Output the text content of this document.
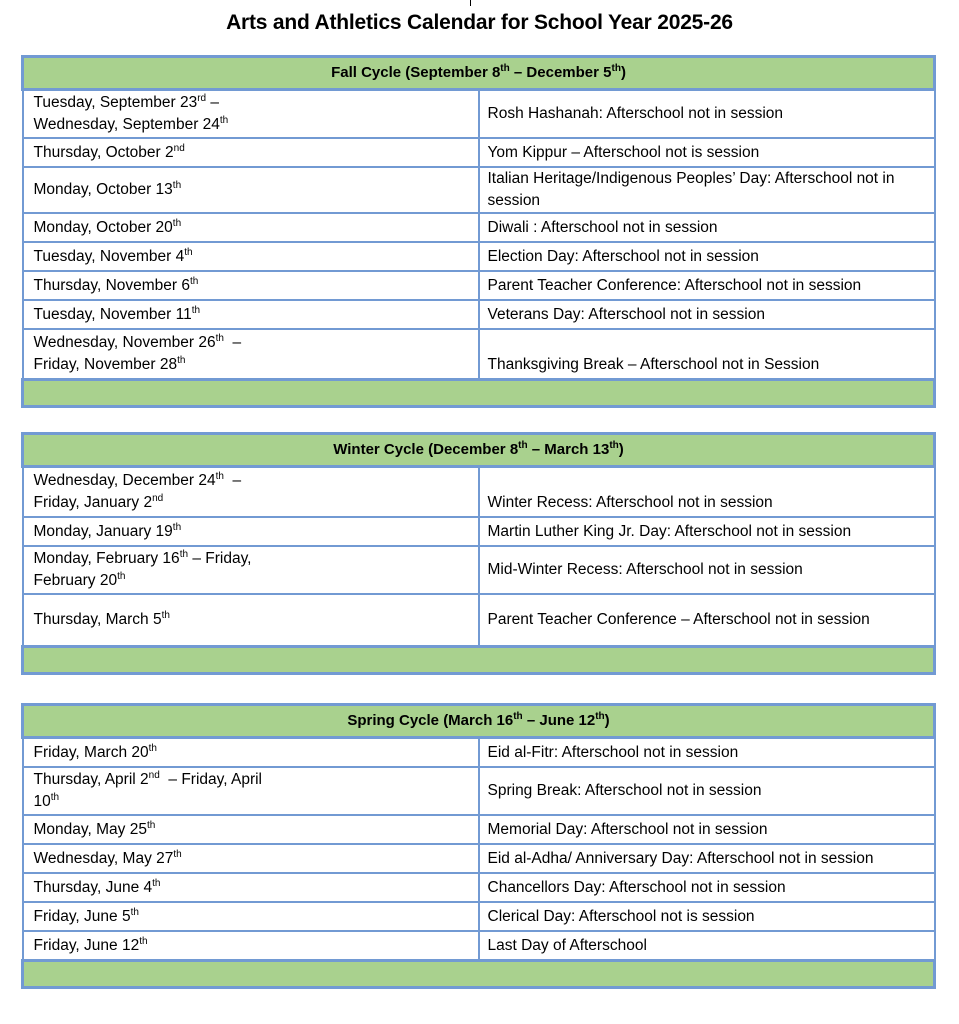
Arts and Athletics Calendar for School Year 2025-26
Fall Cycle (September 8th – December 5th)	
Tuesday, September 23rd –
Wednesday, September 24th	Rosh Hashanah: Afterschool not in session
Thursday, October 2nd	Yom Kippur – Afterschool not is session
Monday, October 13th	Italian Heritage/Indigenous Peoples’ Day: Afterschool not in session
Monday, October 20th	Diwali : Afterschool not in session
Tuesday, November 4th	Election Day: Afterschool not in session
Thursday, November 6th	Parent Teacher Conference: Afterschool not in session
Tuesday, November 11th	Veterans Day: Afterschool not in session
Wednesday, November 26th  –
Friday, November 28th	Thanksgiving Break – Afterschool not in Session

Winter Cycle (December 8th – March 13th)	
Wednesday, December 24th  –
Friday, January 2nd	Winter Recess: Afterschool not in session
Monday, January 19th	Martin Luther King Jr. Day: Afterschool not in session
Monday, February 16th – Friday,
February 20th	Mid-Winter Recess: Afterschool not in session
Thursday, March 5th	Parent Teacher Conference – Afterschool not in session

Spring Cycle (March 16th – June 12th)	
Friday, March 20th	Eid al-Fitr: Afterschool not in session
Thursday, April 2nd  – Friday, April
10th	Spring Break: Afterschool not in session
Monday, May 25th	Memorial Day: Afterschool not in session
Wednesday, May 27th	Eid al-Adha/ Anniversary Day: Afterschool not in session
Thursday, June 4th	Chancellors Day: Afterschool not in session
Friday, June 5th	Clerical Day: Afterschool not is session
Friday, June 12th	Last Day of Afterschool
